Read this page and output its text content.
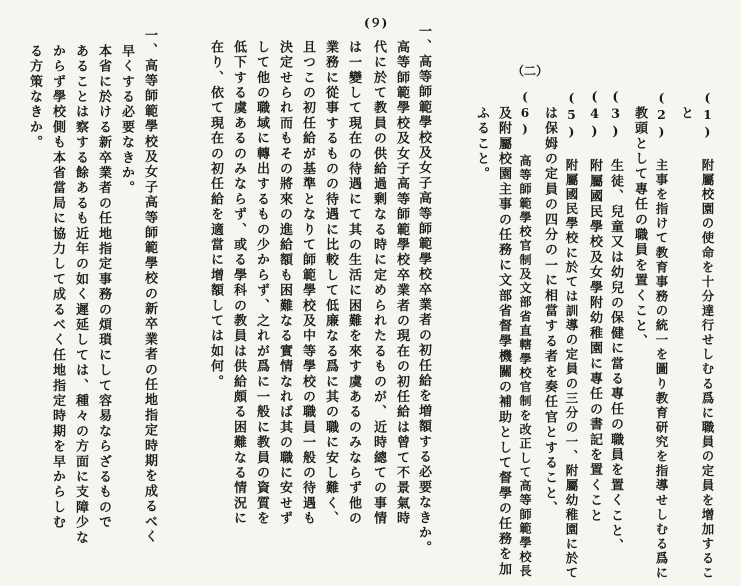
(９)
（二）
(1) 附屬校園の使命を十分達行せしむる爲に職員の定員を增加するこ
と
(2) 主事を指けて教育事務の統一を圖り教育研究を指導せしむる爲に
教頭として專任の職員を置くこと、
(3) 生徒、兒童又は幼兒の保健に當る專任の職員を置くこと、
(4) 附屬國民學校及女學附幼稚園に專任の書記を置くこと
(5) 附屬國民學校に於ては訓導の定員の三分の一、附屬幼稚園に於て
は保姆の定員の四分の一に相當する者を奏任官とすること、
(6) 高等師範學校官制及文部省直轄學校官制を改正して高等師範學校長
及附屬校園主事の任務に文部省督學機關の補助として督學の任務を加
ふること。
一、高等師範學校及女子高等師範學校卒業者の初任給を増額する必要なきか。
高等師範學校及女子高等師範學校卒業者の現在の初任給は曾て不景氣時
代に於て教員の供給過剰なる時に定められたるものが、近時總ての事情
は一變して現在の待遇にて其の生活に困難を來す虞あるのみならず他の
業務に從事するものの待遇に比較して低廉なる爲に其の職に安し難く、
且つこの初任給が基準となりて師範學校及中等學校の職員一般の待遇も
決定せられ而もその將來の進給額も困難なる實情なれば其の職に安せず
して他の職域に轉出するもの少からず、之れが爲に一般に教員の資質を
低下する虞あるのみならず、或る學科の教員は供給頗る困難なる情況に
在り、依て現在の初任給を適當に增額しては如何。
一、高等師範學校及女子高等師範學校の新卒業者の任地指定時期を成るべく
早くする必要なきか。
本省に於ける新卒業者の任地指定事務の煩瑣にして容易ならざるもので
あることは察する餘あるも近年の如く遲延しては、種々の方面に支障少な
からず學校側も本省當局に協力して成るべく任地指定時期を早からしむ
る方策なきか。
